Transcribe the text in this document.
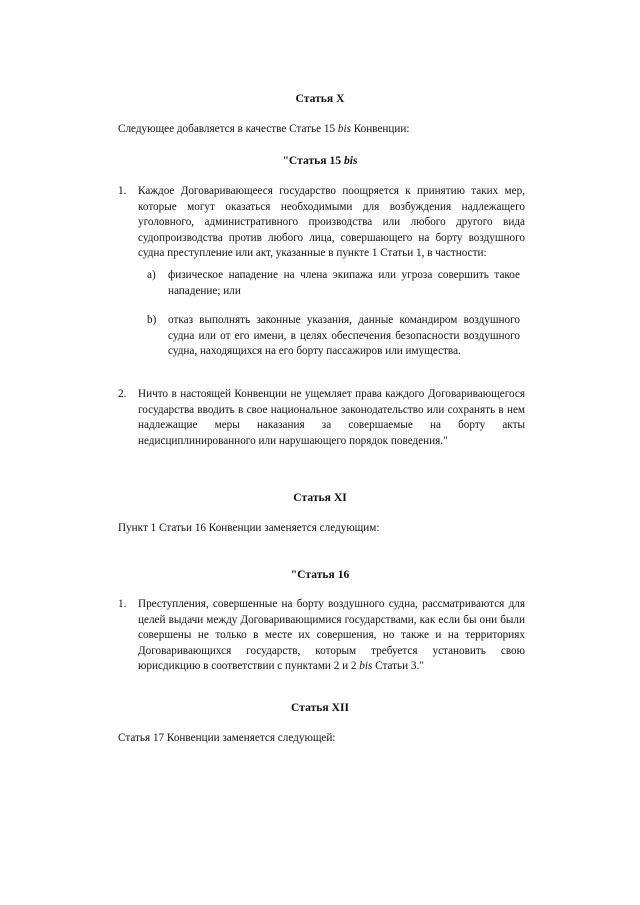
Статья X
Следующее добавляется в качестве Статье 15 bis Конвенции:
"Статья 15 bis
1. Каждое Договаривающееся государство поощряется к принятию таких мер, которые могут оказаться необходимыми для возбуждения надлежащего уголовного, административного производства или любого другого вида судопроизводства против любого лица, совершающего на борту воздушного судна преступление или акт, указанные в пункте 1 Статьи 1, в частности:
a) физическое нападение на члена экипажа или угроза совершить такое нападение; или
b) отказ выполнять законные указания, данные командиром воздушного судна или от его имени, в целях обеспечения безопасности воздушного судна, находящихся на его борту пассажиров или имущества.
2. Ничто в настоящей Конвенции не ущемляет права каждого Договаривающегося государства вводить в свое национальное законодательство или сохранять в нем надлежащие меры наказания за совершаемые на борту акты недисциплинированного или нарушающего порядок поведения."
Статья XI
Пункт 1 Статьи 16 Конвенции заменяется следующим:
"Статья 16
1. Преступления, совершенные на борту воздушного судна, рассматриваются для целей выдачи между Договаривающимися государствами, как если бы они были совершены не только в месте их совершения, но также и на территориях Договаривающихся государств, которым требуется установить свою юрисдикцию в соответствии с пунктами 2 и 2 bis Статьи 3."
Статья XII
Статья 17 Конвенции заменяется следующей:
